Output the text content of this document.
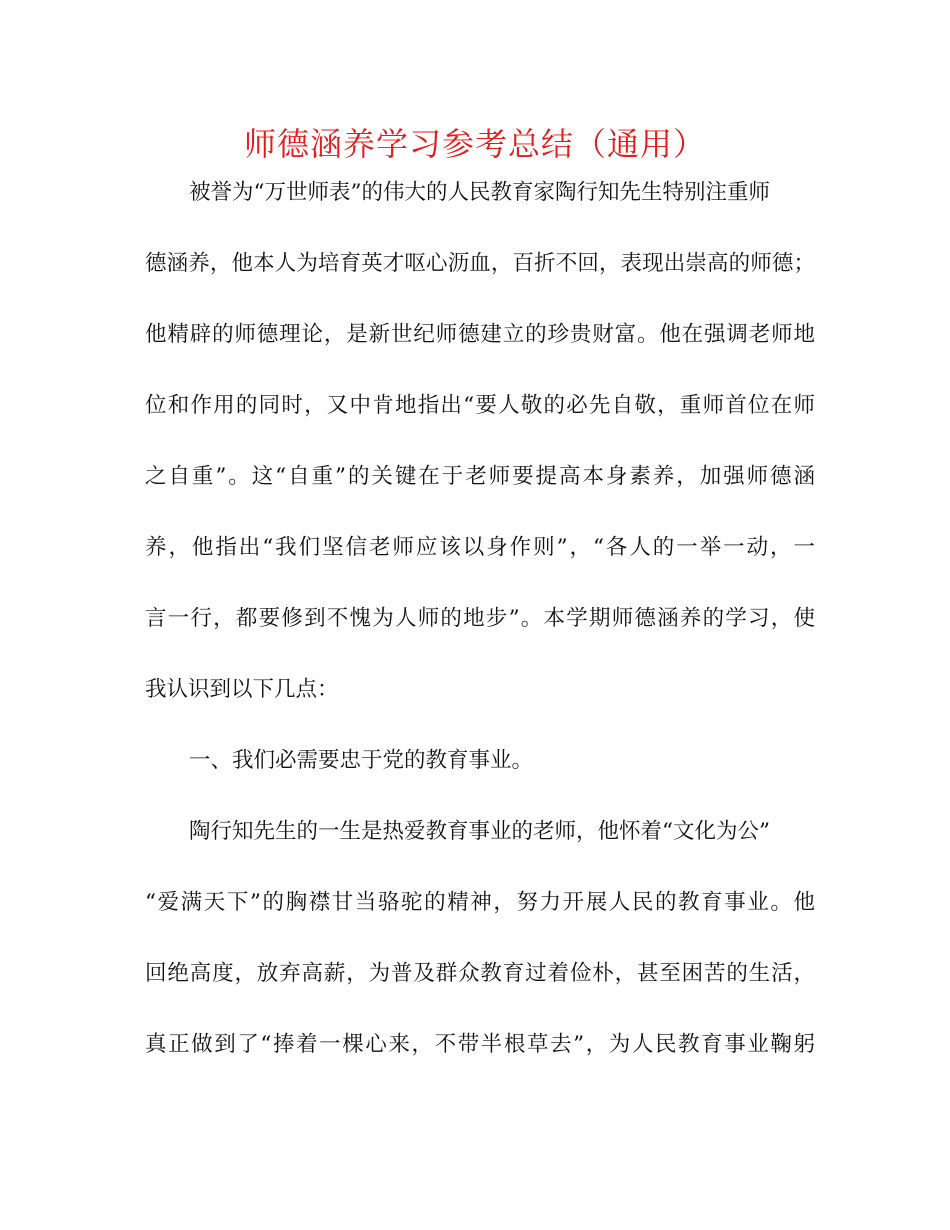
师德涵养学习参考总结（通用）
被誉为“万世师表”的伟大的人民教育家陶行知先生特别注重师
德涵养，他本人为培育英才呕心沥血，百折不回，表现出崇高的师德；
他精辟的师德理论，是新世纪师德建立的珍贵财富。他在强调老师地
位和作用的同时，又中肯地指出“要人敬的必先自敬，重师首位在师
之自重”。这“自重”的关键在于老师要提高本身素养，加强师德涵
养，他指出“我们坚信老师应该以身作则”，“各人的一举一动，一
言一行，都要修到不愧为人师的地步”。本学期师德涵养的学习，使
我认识到以下几点：
一、我们必需要忠于党的教育事业。
陶行知先生的一生是热爱教育事业的老师，他怀着“文化为公”
“爱满天下”的胸襟甘当骆驼的精神，努力开展人民的教育事业。他
回绝高度，放弃高薪，为普及群众教育过着俭朴，甚至困苦的生活，
真正做到了“捧着一棵心来，不带半根草去”，为人民教育事业鞠躬
